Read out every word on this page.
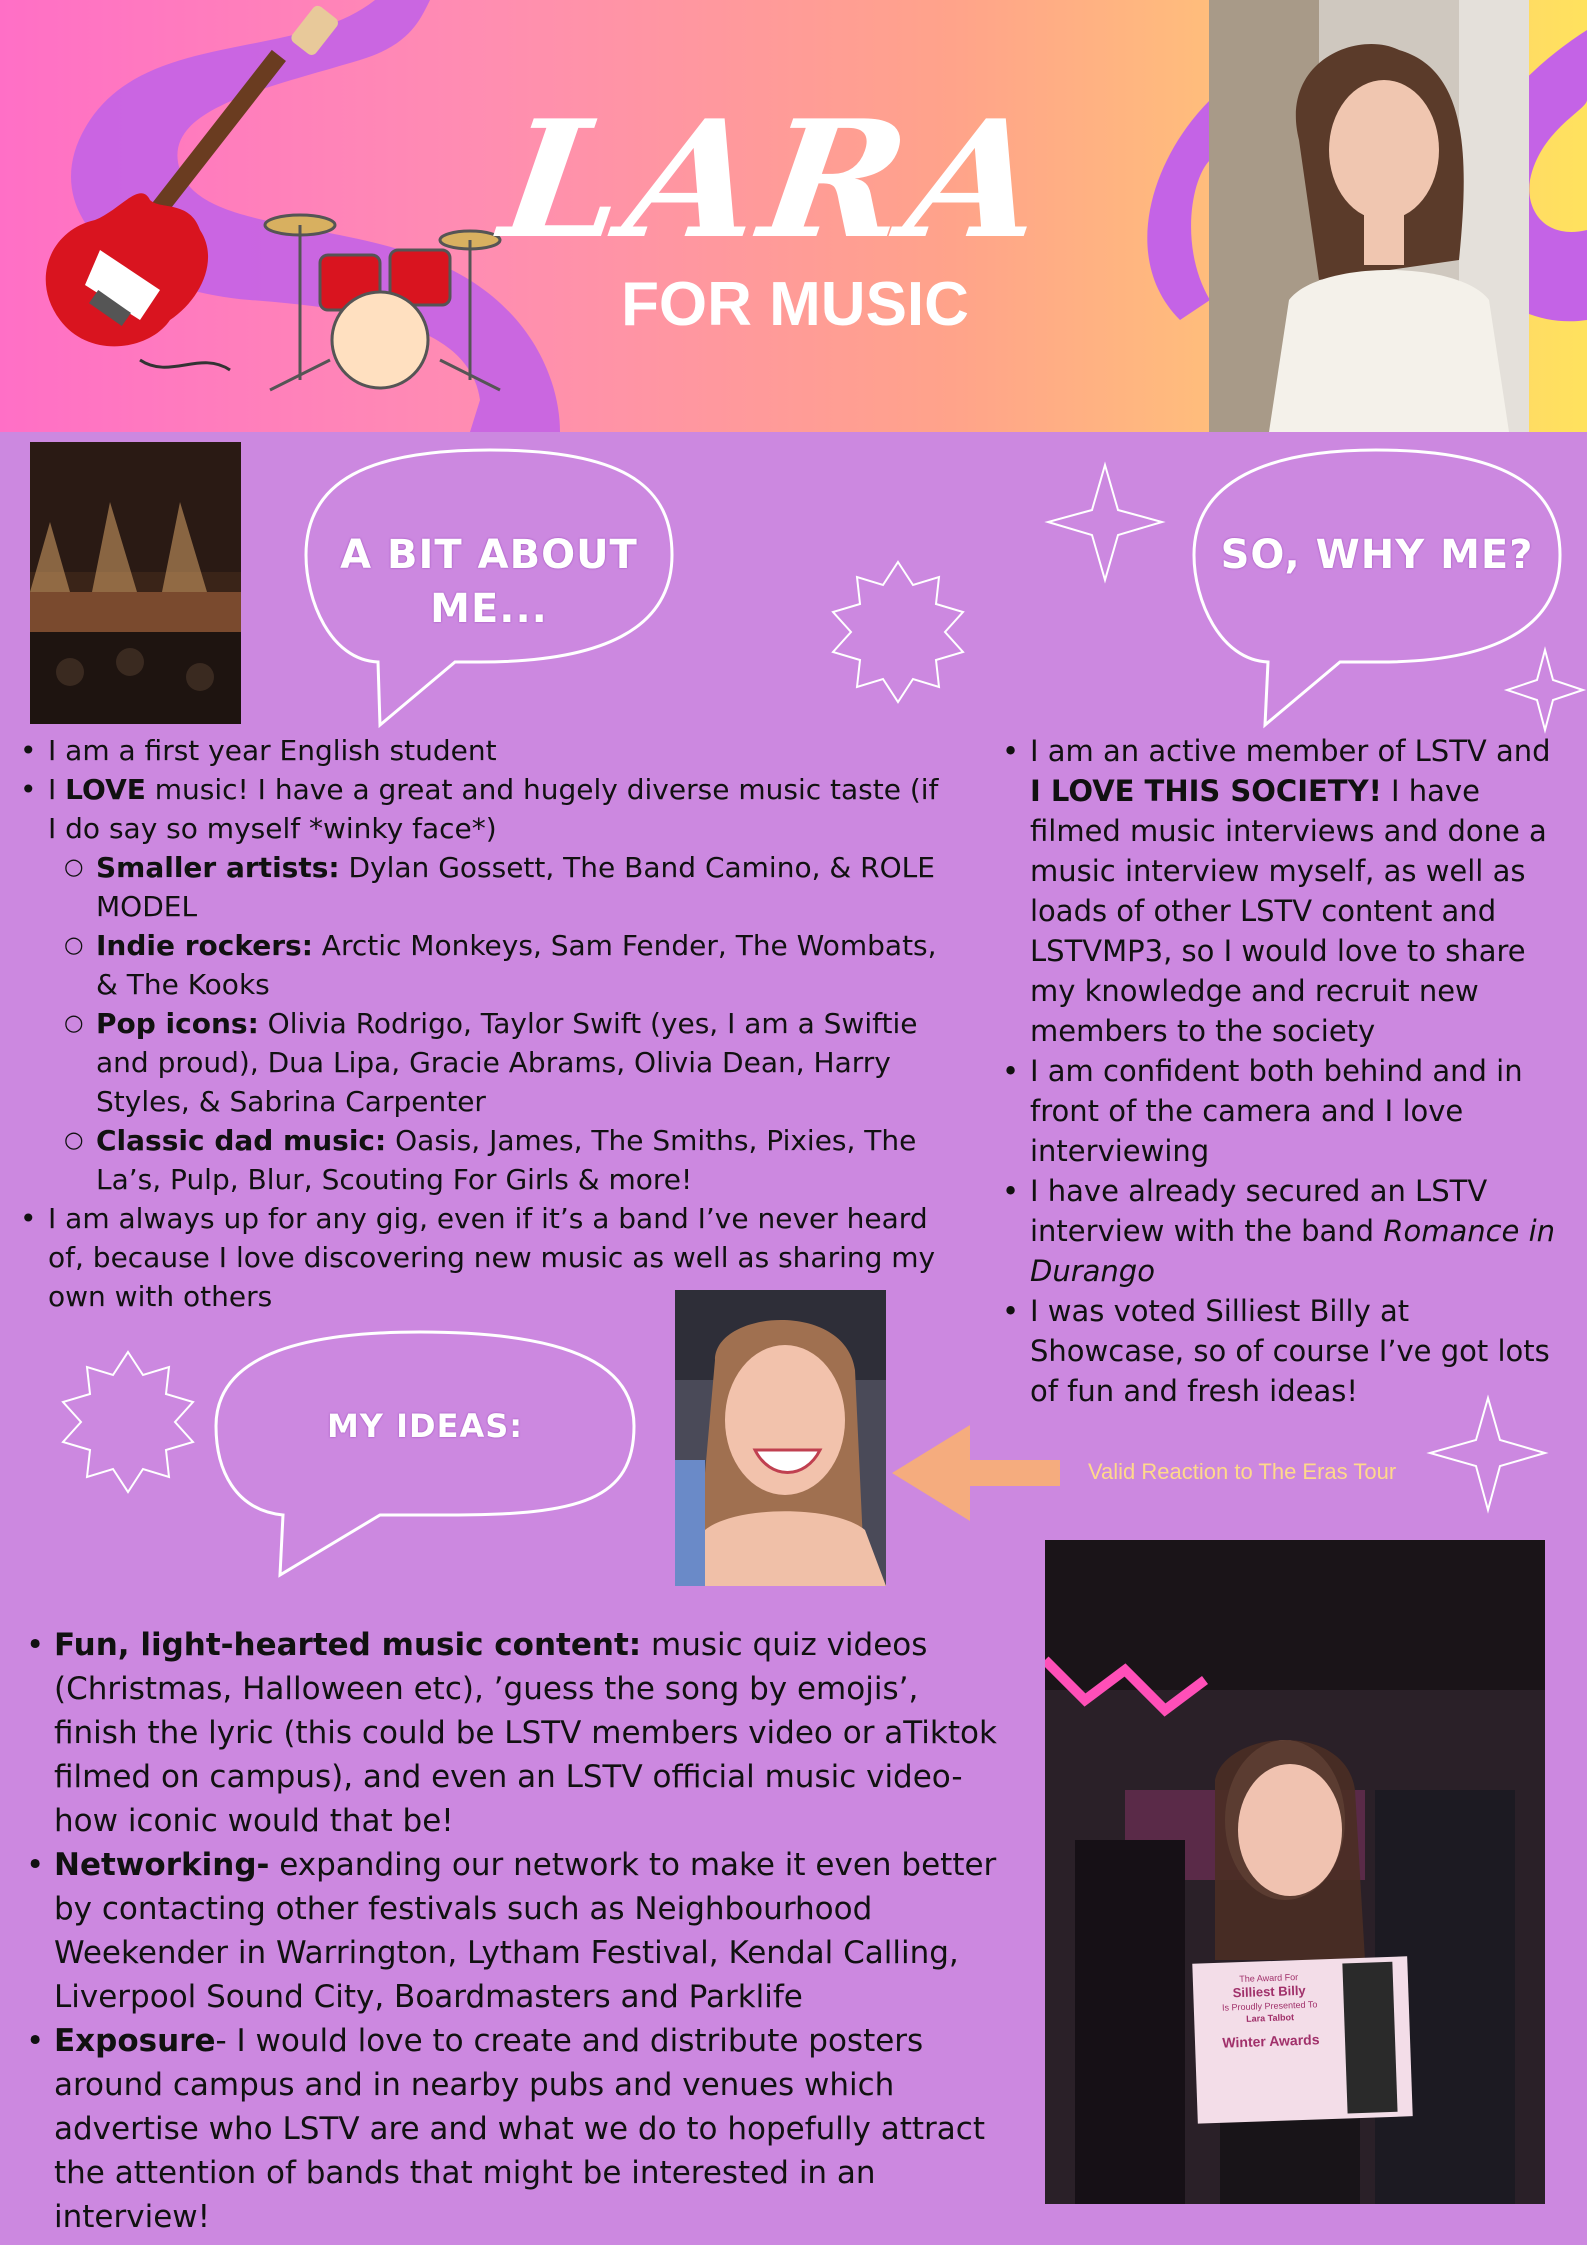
LARA
FOR MUSIC
A BIT ABOUT ME...
SO, WHY ME?
MY IDEAS:
• I am a first year English student
• I LOVE music! I have a great and hugely diverse music taste (if I do say so myself *winky face*)
○ Smaller artists: Dylan Gossett, The Band Camino, & ROLE MODEL
○ Indie rockers: Arctic Monkeys, Sam Fender, The Wombats, & The Kooks
○ Pop icons: Olivia Rodrigo, Taylor Swift (yes, I am a Swiftie and proud), Dua Lipa, Gracie Abrams, Olivia Dean, Harry Styles, & Sabrina Carpenter
○ Classic dad music: Oasis, James, The Smiths, Pixies, The La’s, Pulp, Blur, Scouting For Girls & more!
• I am always up for any gig, even if it’s a band I’ve never heard of, because I love discovering new music as well as sharing my own with others
• I am an active member of LSTV and I LOVE THIS SOCIETY! I have filmed music interviews and done a music interview myself, as well as loads of other LSTV content and LSTVMP3, so I would love to share my knowledge and recruit new members to the society
• I am confident both behind and in front of the camera and I love interviewing
• I have already secured an LSTV interview with the band Romance in Durango
• I was voted Silliest Billy at Showcase, so of course I’ve got lots of fun and fresh ideas!
Valid Reaction to The Eras Tour
The Award For
Silliest Billy
Is Proudly Presented To
Lara Talbot
Winter Awards
• Fun, light-hearted music content: music quiz videos (Christmas, Halloween etc), ’guess the song by emojis’, finish the lyric (this could be LSTV members video or aTiktok filmed on campus), and even an LSTV official music video- how iconic would that be!
• Networking- expanding our network to make it even better by contacting other festivals such as Neighbourhood Weekender in Warrington, Lytham Festival, Kendal Calling, Liverpool Sound City, Boardmasters and Parklife
• Exposure- I would love to create and distribute posters around campus and in nearby pubs and venues which advertise who LSTV are and what we do to hopefully attract the attention of bands that might be interested in an interview!
